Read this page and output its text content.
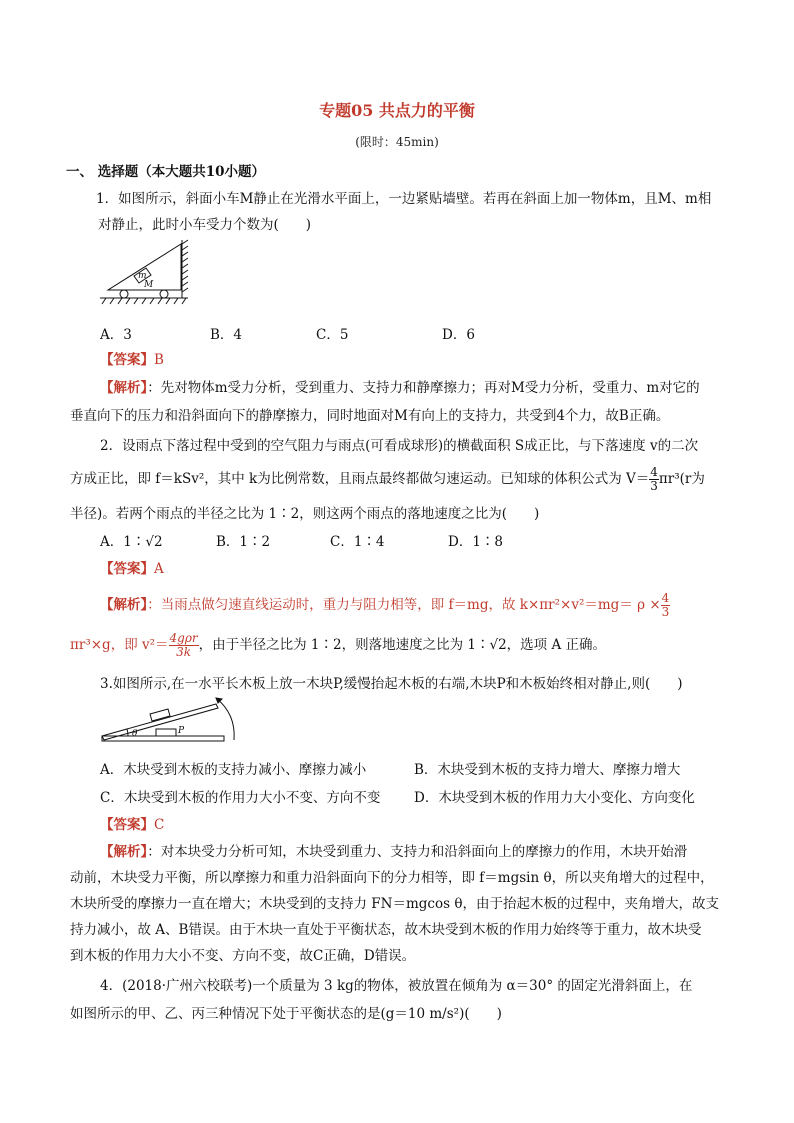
专题05 共点力的平衡
(限时：45min)
一、 选择题（本大题共10小题）
1．如图所示，斜面小车M静止在光滑水平面上，一边紧贴墙壁。若再在斜面上加一物体m，且M、m相
对静止，此时小车受力个数为(　　)
m
M
A．3	B．4	C．5	D．6
【答案】B
【解析】：先对物体m受力分析，受到重力、支持力和静摩擦力；再对M受力分析，受重力、m对它的
垂直向下的压力和沿斜面向下的静摩擦力，同时地面对M有向上的支持力，共受到4个力，故B正确。
2．设雨点下落过程中受到的空气阻力与雨点(可看成球形)的横截面积 S成正比，与下落速度 v的二次
方成正比，即 f＝kSv²，其中 k为比例常数，且雨点最终都做匀速运动。已知球的体积公式为 $V= \frac{4}{3} \pi r^3(r$为
半径)。若两个雨点的半径之比为 1∶2，则这两个雨点的落地速度之比为(　　)
A．1∶√2	B．1∶2	C．1∶4	D．1∶8
【答案】A
【解析】：当雨点做匀速直线运动时，重力与阻力相等，即 f＝mg，故 $k\times\pi r^2\times v^2=mg= \rho \times \frac{4}{3}$
πr³×g，即 $v^2= \frac{\text{4gρr}}{3k}$ ，由于半径之比为 1∶2，则落地速度之比为 1∶√2，选项 A 正确。
3.如图所示,在一水平长木板上放一木块P,缓慢抬起木板的右端,木块P和木板始终相对静止,则(　　)
θ	P
A．木块受到木板的支持力减小、摩擦力减小	B．木块受到木板的支持力增大、摩擦力增大
C．木块受到木板的作用力大小不变、方向不变 D．木块受到木板的作用力大小变化、方向变化
【答案】C
【解析】：对本块受力分析可知，木块受到重力、支持力和沿斜面向上的摩擦力的作用，木块开始滑
动前，木块受力平衡，所以摩擦力和重力沿斜面向下的分力相等，即 f＝mgsin θ，所以夹角增大的过程中，
木块所受的摩擦力一直在增大；木块受到的支持力 FN＝mgcos θ，由于抬起木板的过程中，夹角增大，故支
持力减小，故 A、B错误。由于木块一直处于平衡状态，故木块受到木板的作用力始终等于重力，故木块受
到木板的作用力大小不变、方向不变，故C正确，D错误。
4．(2018·广州六校联考)一个质量为 3 kg的物体，被放置在倾角为 α＝30° 的固定光滑斜面上，在
如图所示的甲、乙、丙三种情况下处于平衡状态的是(g＝10 m/s²)(　　)
